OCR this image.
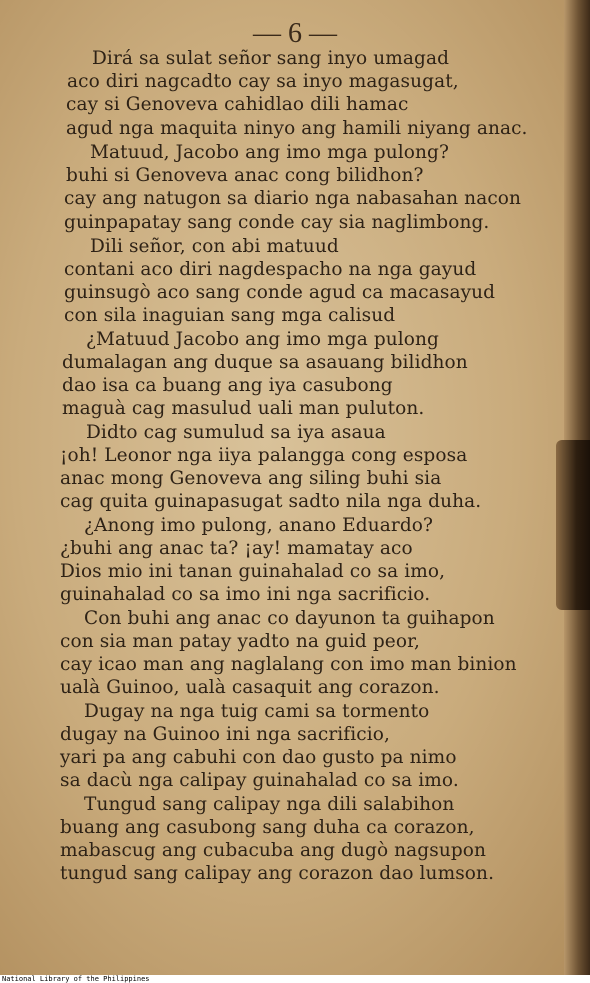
— 6 —
Dirá sa sulat señor sang inyo umagad
aco diri nagcadto cay sa inyo magasugat,
cay si Genoveva cahidlao dili hamac
agud nga maquita ninyo ang hamili niyang anac.
Matuud, Jacobo ang imo mga pulong?
buhi si Genoveva anac cong bilidhon?
cay ang natugon sa diario nga nabasahan nacon
guinpapatay sang conde cay sia naglimbong.
Dili señor, con abi matuud
contani aco diri nagdespacho na nga gayud
guinsugò aco sang conde agud ca macasayud
con sila inaguian sang mga calisud
¿Matuud Jacobo ang imo mga pulong
dumalagan ang duque sa asauang bilidhon
dao isa ca buang ang iya casubong
maguà cag masulud uali man puluton.
Didto cag sumulud sa iya asaua
¡oh! Leonor nga iiya palangga cong esposa
anac mong Genoveva ang siling buhi sia
cag quita guinapasugat sadto nila nga duha.
¿Anong imo pulong, anano Eduardo?
¿buhi ang anac ta? ¡ay! mamatay aco
Dios mio ini tanan guinahalad co sa imo,
guinahalad co sa imo ini nga sacrificio.
Con buhi ang anac co dayunon ta guihapon
con sia man patay yadto na guid peor,
cay icao man ang naglalang con imo man binion
ualà Guinoo, ualà casaquit ang corazon.
Dugay na nga tuig cami sa tormento
dugay na Guinoo ini nga sacrificio,
yari pa ang cabuhi con dao gusto pa nimo
sa dacù nga calipay guinahalad co sa imo.
Tungud sang calipay nga dili salabihon
buang ang casubong sang duha ca corazon,
mabascug ang cubacuba ang dugò nagsupon
tungud sang calipay ang corazon dao lumson.
National Library of the Philippines
